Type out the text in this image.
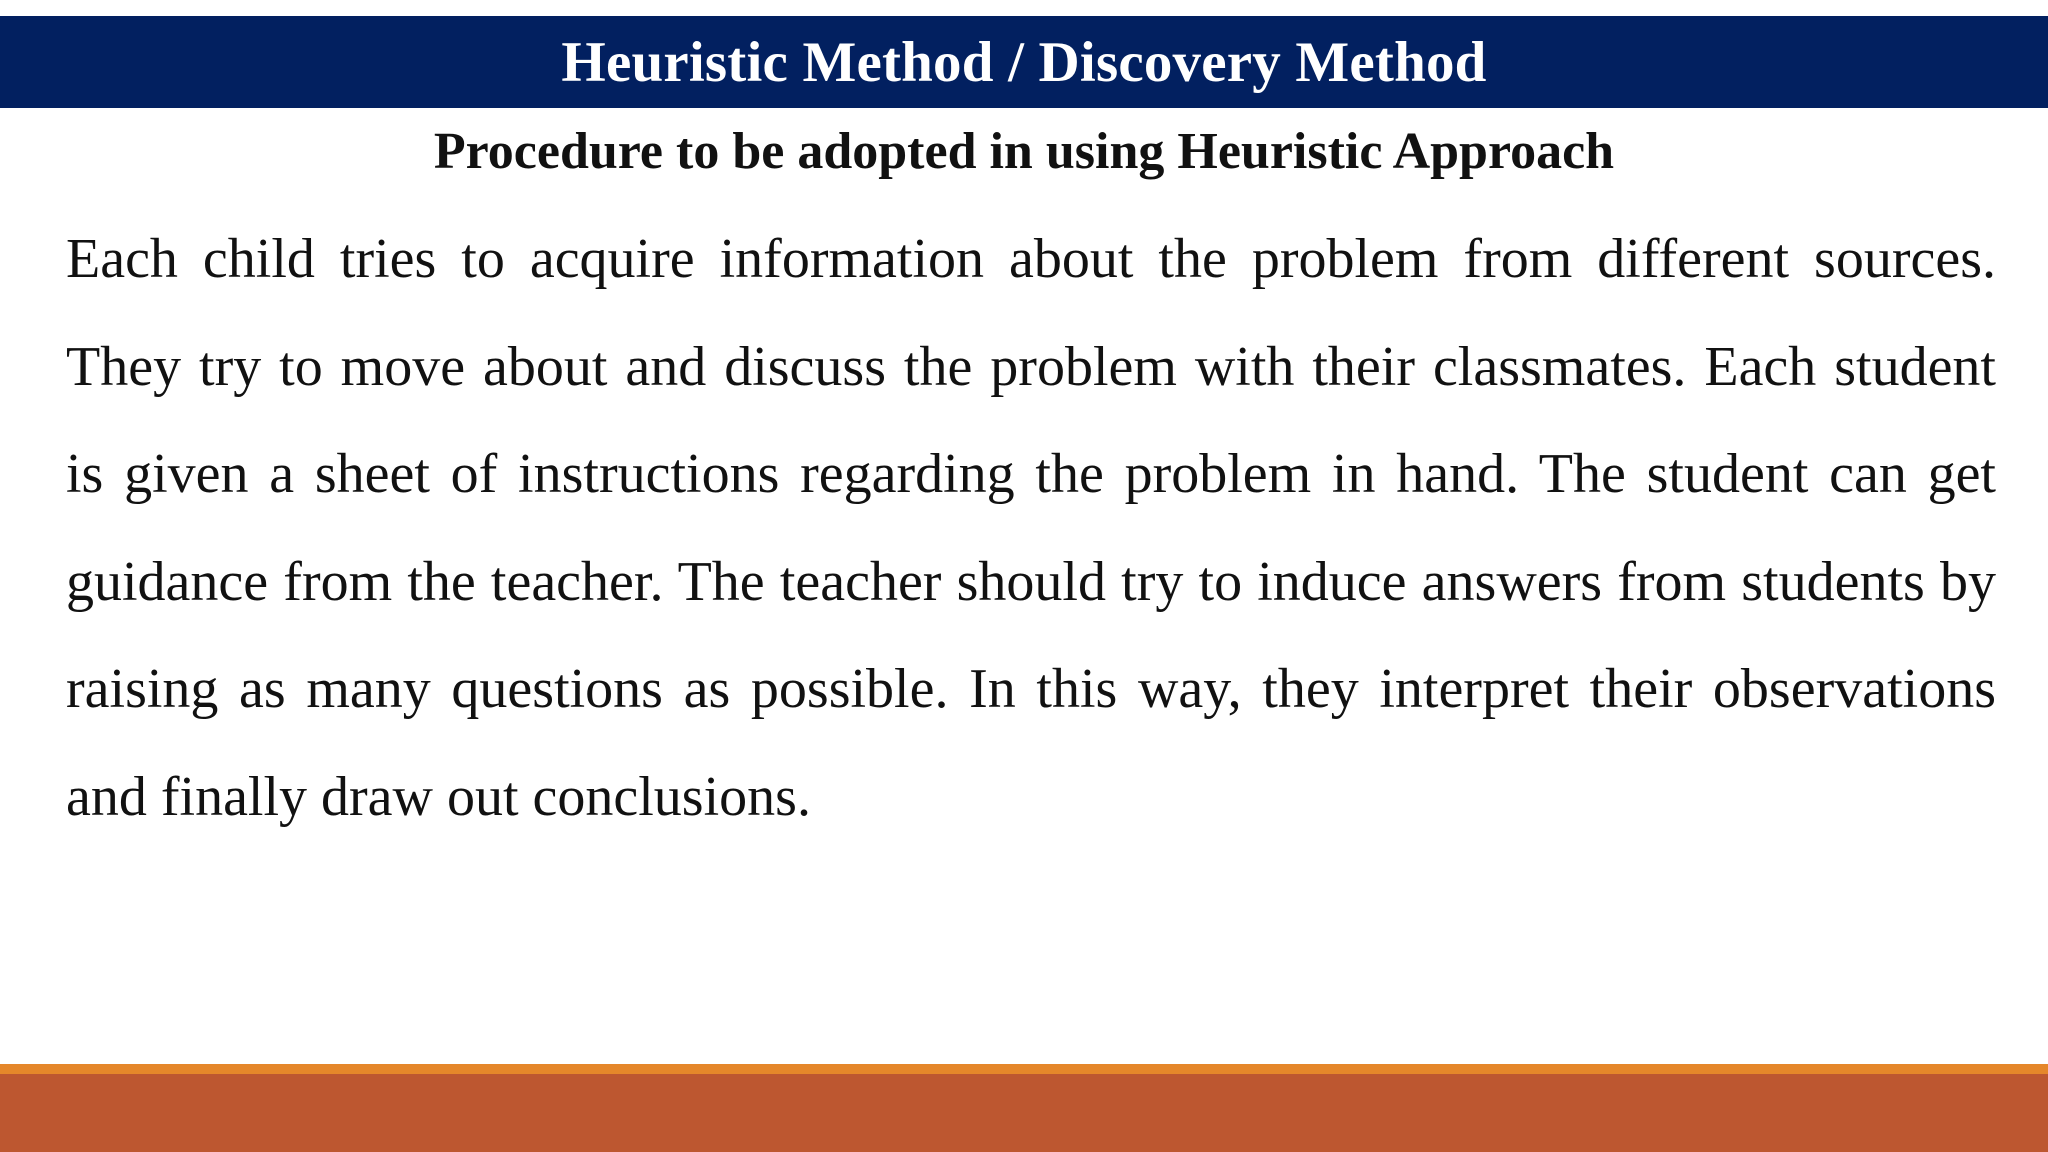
Heuristic Method / Discovery Method
Procedure to be adopted in using Heuristic Approach

Each child tries to acquire information about the problem from different sources. They try to move about and discuss the problem with their classmates. Each student is given a sheet of instructions regarding the problem in hand. The student can get guidance from the teacher. The teacher should try to induce answers from students by raising as many questions as possible. In this way, they interpret their observations and finally draw out conclusions.
